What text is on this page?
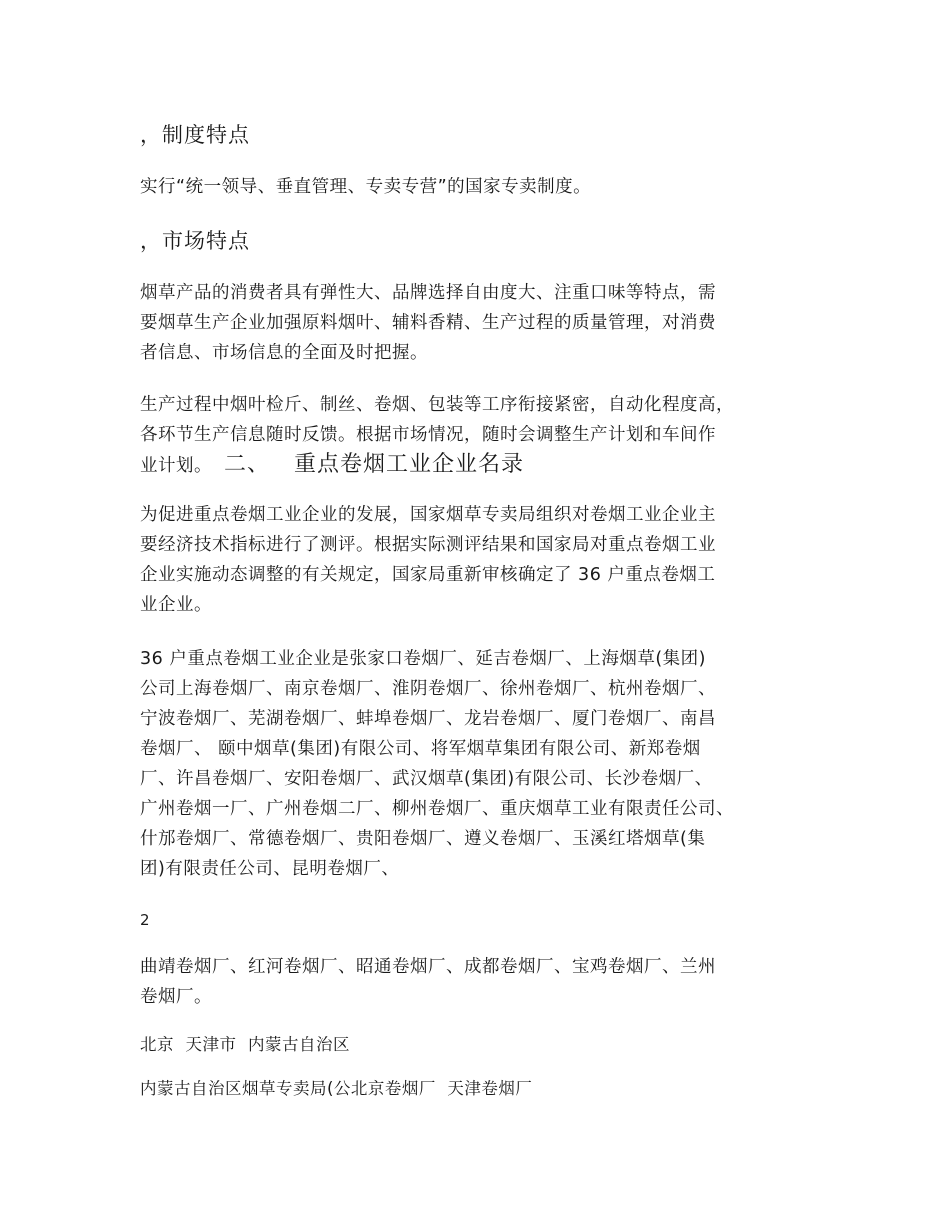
，制度特点
实行“统一领导、垂直管理、专卖专营”的国家专卖制度。
，市场特点
烟草产品的消费者具有弹性大、品牌选择自由度大、注重口味等特点，需
要烟草生产企业加强原料烟叶、辅料香精、生产过程的质量管理，对消费
者信息、市场信息的全面及时把握。
生产过程中烟叶检斤、制丝、卷烟、包装等工序衔接紧密，自动化程度高，
各环节生产信息随时反馈。根据市场情况，随时会调整生产计划和车间作
业计划。 二、   重点卷烟工业企业名录
为促进重点卷烟工业企业的发展，国家烟草专卖局组织对卷烟工业企业主
要经济技术指标进行了测评。根据实际测评结果和国家局对重点卷烟工业
企业实施动态调整的有关规定，国家局重新审核确定了 36 户重点卷烟工
业企业。
36 户重点卷烟工业企业是张家口卷烟厂、延吉卷烟厂、上海烟草(集团)
公司上海卷烟厂、南京卷烟厂、淮阴卷烟厂、徐州卷烟厂、杭州卷烟厂、
宁波卷烟厂、芜湖卷烟厂、蚌埠卷烟厂、龙岩卷烟厂、厦门卷烟厂、南昌
卷烟厂、 颐中烟草(集团)有限公司、将军烟草集团有限公司、新郑卷烟
厂、许昌卷烟厂、安阳卷烟厂、武汉烟草(集团)有限公司、长沙卷烟厂、
广州卷烟一厂、广州卷烟二厂、柳州卷烟厂、重庆烟草工业有限责任公司、
什邡卷烟厂、常德卷烟厂、贵阳卷烟厂、遵义卷烟厂、玉溪红塔烟草(集
团)有限责任公司、昆明卷烟厂、
2
曲靖卷烟厂、红河卷烟厂、昭通卷烟厂、成都卷烟厂、宝鸡卷烟厂、兰州
卷烟厂。
北京  天津市  内蒙古自治区
内蒙古自治区烟草专卖局(公北京卷烟厂  天津卷烟厂
